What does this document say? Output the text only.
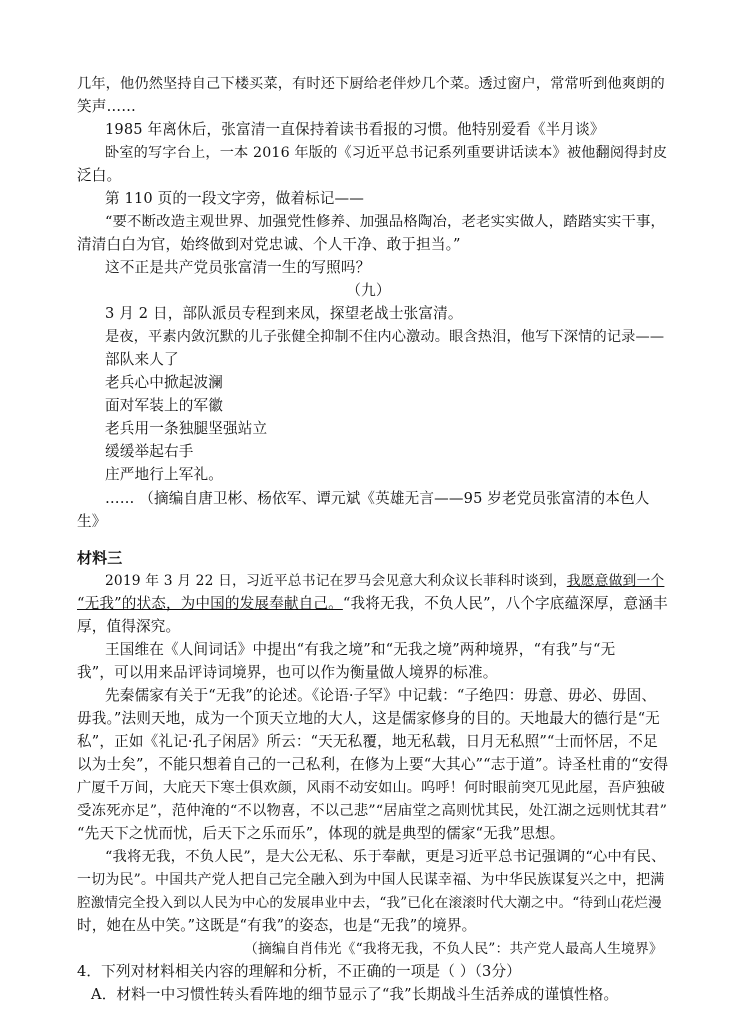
几年，他仍然坚持自己下楼买菜，有时还下厨给老伴炒几个菜。透过窗户，常常听到他爽朗的
笑声……
1985 年离休后，张富清一直保持着读书看报的习惯。他特别爱看《半月谈》
卧室的写字台上，一本 2016 年版的《习近平总书记系列重要讲话读本》被他翻阅得封皮
泛白。
第 110 页的一段文字旁，做着标记——
“要不断改造主观世界、加强党性修养、加强品格陶冶，老老实实做人，踏踏实实干事，
清清白白为官，始终做到对党忠诚、个人干净、敢于担当。”
这不正是共产党员张富清一生的写照吗？
（九）
3 月 2 日，部队派员专程到来凤，探望老战士张富清。
是夜，平素内敛沉默的儿子张健全抑制不住内心激动。眼含热泪，他写下深情的记录——
部队来人了
老兵心中掀起波澜
面对军装上的军徽
老兵用一条独腿坚强站立
缓缓举起右手
庄严地行上军礼。
…… （摘编自唐卫彬、杨依军、谭元斌《英雄无言——95 岁老党员张富清的本色人
生》
材料三
2019 年 3 月 22 日，习近平总书记在罗马会见意大利众议长菲科时谈到，我愿意做到一个
“无我”的状态，为中国的发展奉献自己。“我将无我，不负人民”，八个字底蕴深厚，意涵丰
厚，值得深究。
王国维在《人间词话》中提出“有我之境”和“无我之境”两种境界，“有我”与“无
我”，可以用来品评诗词境界，也可以作为衡量做人境界的标准。
先秦儒家有关于“无我”的论述。《论语·子罕》中记载：“子绝四：毋意、毋必、毋固、
毋我。”法则天地，成为一个顶天立地的大人，这是儒家修身的目的。天地最大的德行是“无
私”，正如《礼记·孔子闲居》所云：“天无私覆，地无私载，日月无私照”“士而怀居，不足
以为士矣”，不能只想着自己的一己私利，在修为上要“大其心”“志于道”。诗圣杜甫的“安得
广厦千万间，大庇天下寒士俱欢颜，风雨不动安如山。呜呼！何时眼前突兀见此屋，吾庐独破
受冻死亦足”，范仲淹的“不以物喜，不以己悲”“居庙堂之高则忧其民，处江湖之远则忧其君”
“先天下之忧而忧，后天下之乐而乐”，体现的就是典型的儒家“无我”思想。
“我将无我，不负人民”，是大公无私、乐于奉献，更是习近平总书记强调的“心中有民、
一切为民”。中国共产党人把自己完全融入到为中国人民谋幸福、为中华民族谋复兴之中，把满
腔激情完全投入到以人民为中心的发展串业中去，“我”已化在滚滚时代大潮之中。“待到山花烂漫
时，她在丛中笑。”这既是“有我”的姿态，也是“无我”的境界。
（摘编自肖伟光《“我将无我，不负人民”：共产党人最高人生境界》
4．下列对材料相关内容的理解和分析，不正确的一项是（ ）（3分）
A．材料一中习惯性转头看阵地的细节显示了“我”长期战斗生活养成的谨慎性格。
